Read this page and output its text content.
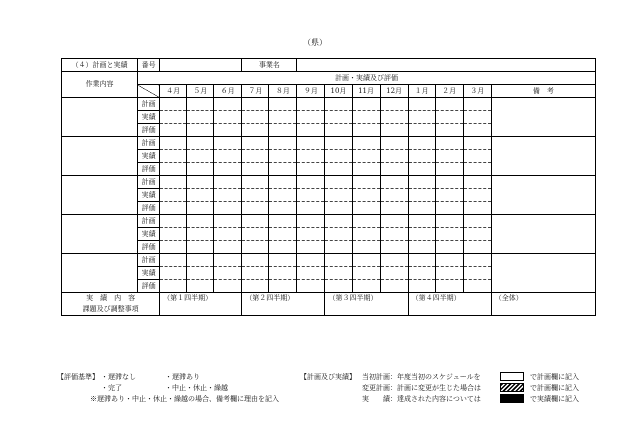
（県）
（４）計画と実績	番号				事業名									
作業内容	計画・実績及び評価													
		４月	５月	６月	７月	８月	９月	10月	11月	12月	１月	２月	３月	備　考
	計画													
	実績													
	評価													
	計画													
	実績													
	評価													
	計画													
	実績													
	評価													
	計画													
	実績													
	評価													
	計画													
	実績													
	評価													

実　績　内　容
課題及び調整事項		（第１四半期）			（第２四半期）			（第３四半期）			（第４四半期）			（全体）
【評価基準】 ・遅滞なし	・遅滞あり
・完了	・中止・休止・繰越
※遅滞あり・中止・休止・繰越の場合、備考欄に理由を記入
【計画及び実績】 当初計画：年度当初のスケジュールを	で計画欄に記入
変更計画：計画に変更が生じた場合は	で計画欄に記入
実　　績：達成された内容については	で実績欄に記入
